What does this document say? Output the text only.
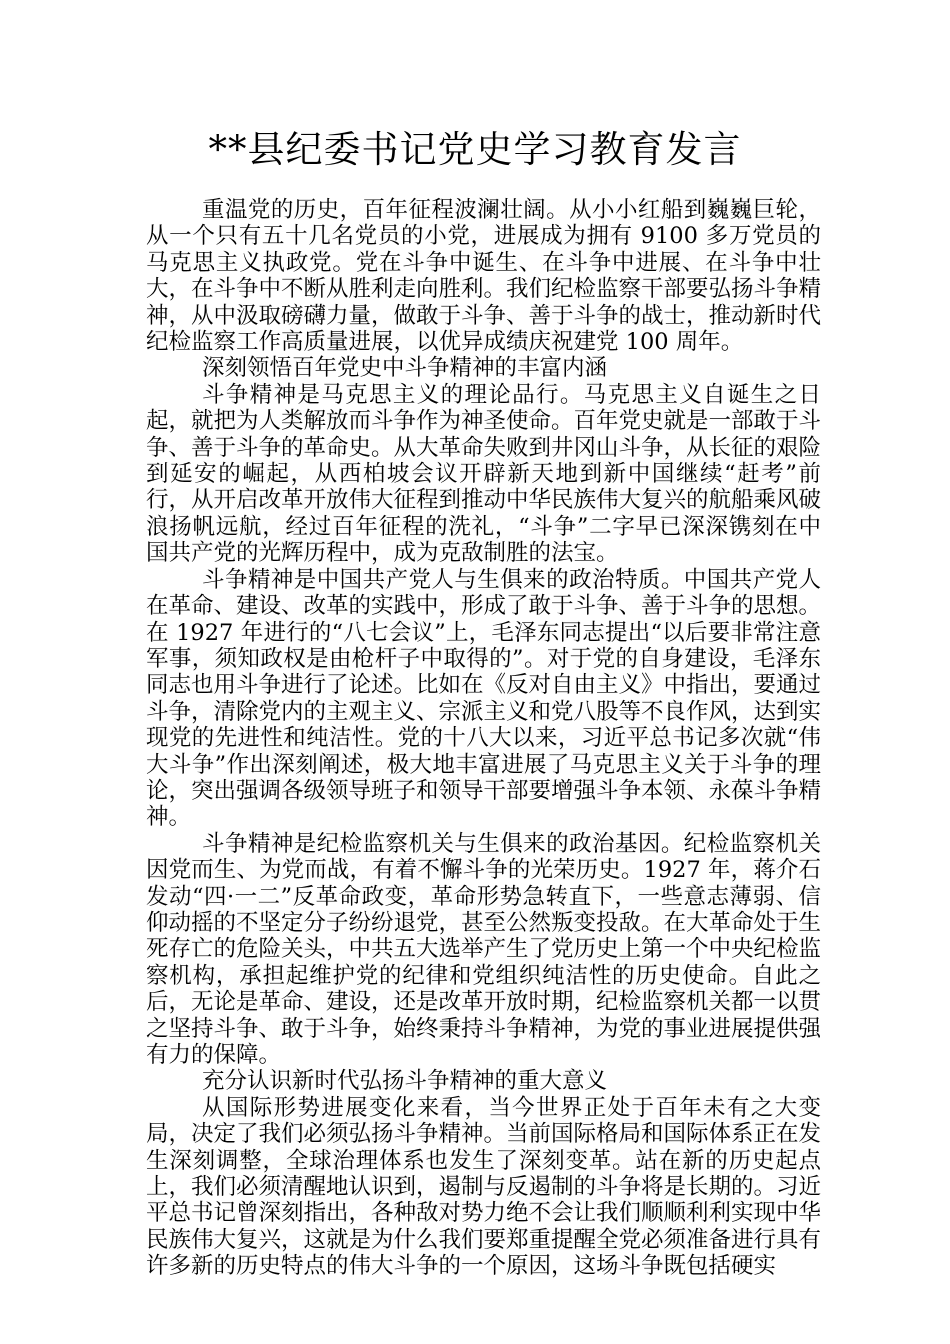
**县纪委书记党史学习教育发言

重温党的历史，百年征程波澜壮阔。从小小红船到巍巍巨轮，从一个只有五十几名党员的小党，进展成为拥有 9100 多万党员的马克思主义执政党。党在斗争中诞生、在斗争中进展、在斗争中壮大，在斗争中不断从胜利走向胜利。我们纪检监察干部要弘扬斗争精神，从中汲取磅礴力量，做敢于斗争、善于斗争的战士，推动新时代纪检监察工作高质量进展，以优异成绩庆祝建党 100 周年。

深刻领悟百年党史中斗争精神的丰富内涵

斗争精神是马克思主义的理论品行。马克思主义自诞生之日起，就把为人类解放而斗争作为神圣使命。百年党史就是一部敢于斗争、善于斗争的革命史。从大革命失败到井冈山斗争，从长征的艰险到延安的崛起，从西柏坡会议开辟新天地到新中国继续“赶考”前行，从开启改革开放伟大征程到推动中华民族伟大复兴的航船乘风破浪扬帆远航，经过百年征程的洗礼，“斗争”二字早已深深镌刻在中国共产党的光辉历程中，成为克敌制胜的法宝。

斗争精神是中国共产党人与生俱来的政治特质。中国共产党人在革命、建设、改革的实践中，形成了敢于斗争、善于斗争的思想。在 1927 年进行的“八七会议”上，毛泽东同志提出“以后要非常注意军事，须知政权是由枪杆子中取得的”。对于党的自身建设，毛泽东同志也用斗争进行了论述。比如在《反对自由主义》中指出，要通过斗争，清除党内的主观主义、宗派主义和党八股等不良作风，达到实现党的先进性和纯洁性。党的十八大以来，习近平总书记多次就“伟大斗争”作出深刻阐述，极大地丰富进展了马克思主义关于斗争的理论，突出强调各级领导班子和领导干部要增强斗争本领、永葆斗争精神。

斗争精神是纪检监察机关与生俱来的政治基因。纪检监察机关因党而生、为党而战，有着不懈斗争的光荣历史。1927 年，蒋介石发动“四·一二”反革命政变，革命形势急转直下，一些意志薄弱、信仰动摇的不坚定分子纷纷退党，甚至公然叛变投敌。在大革命处于生死存亡的危险关头，中共五大选举产生了党历史上第一个中央纪检监察机构，承担起维护党的纪律和党组织纯洁性的历史使命。自此之后，无论是革命、建设，还是改革开放时期，纪检监察机关都一以贯之坚持斗争、敢于斗争，始终秉持斗争精神，为党的事业进展提供强有力的保障。

充分认识新时代弘扬斗争精神的重大意义

从国际形势进展变化来看，当今世界正处于百年未有之大变局，决定了我们必须弘扬斗争精神。当前国际格局和国际体系正在发生深刻调整，全球治理体系也发生了深刻变革。站在新的历史起点上，我们必须清醒地认识到，遏制与反遏制的斗争将是长期的。习近平总书记曾深刻指出，各种敌对势力绝不会让我们顺顺利利实现中华民族伟大复兴，这就是为什么我们要郑重提醒全党必须准备进行具有许多新的历史特点的伟大斗争的一个原因，这场斗争既包括硬实
